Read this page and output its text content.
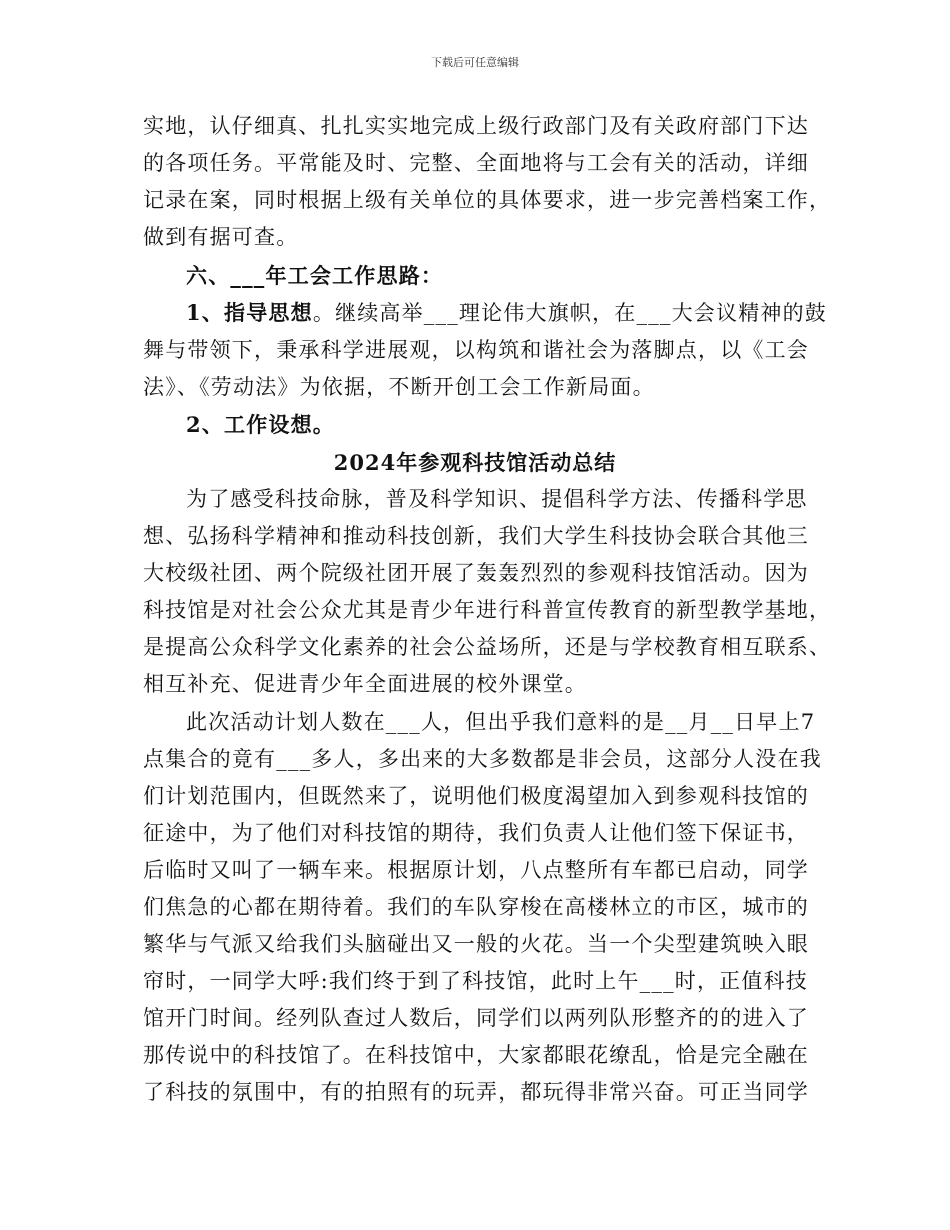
下载后可任意编辑
实地，认仔细真、扎扎实实地完成上级行政部门及有关政府部门下达
的各项任务。平常能及时、完整、全面地将与工会有关的活动，详细
记录在案，同时根据上级有关单位的具体要求，进一步完善档案工作，
做到有据可查。
六、___年工会工作思路：
1、指导思想。继续高举___理论伟大旗帜，在___大会议精神的鼓
舞与带领下，秉承科学进展观，以构筑和谐社会为落脚点，以《工会
法》、《劳动法》为依据，不断开创工会工作新局面。
2、工作设想。
2024年参观科技馆活动总结
为了感受科技命脉，普及科学知识、提倡科学方法、传播科学思
想、弘扬科学精神和推动科技创新，我们大学生科技协会联合其他三
大校级社团、两个院级社团开展了轰轰烈烈的参观科技馆活动。因为
科技馆是对社会公众尤其是青少年进行科普宣传教育的新型教学基地，
是提高公众科学文化素养的社会公益场所，还是与学校教育相互联系、
相互补充、促进青少年全面进展的校外课堂。
此次活动计划人数在___人，但出乎我们意料的是__月__日早上7
点集合的竟有___多人，多出来的大多数都是非会员，这部分人没在我
们计划范围内，但既然来了，说明他们极度渴望加入到参观科技馆的
征途中，为了他们对科技馆的期待，我们负责人让他们签下保证书，
后临时又叫了一辆车来。根据原计划，八点整所有车都已启动，同学
们焦急的心都在期待着。我们的车队穿梭在高楼林立的市区，城市的
繁华与气派又给我们头脑碰出又一般的火花。当一个尖型建筑映入眼
帘时，一同学大呼:我们终于到了科技馆，此时上午___时，正值科技
馆开门时间。经列队查过人数后，同学们以两列队形整齐的的进入了
那传说中的科技馆了。在科技馆中，大家都眼花缭乱，恰是完全融在
了科技的氛围中，有的拍照有的玩弄，都玩得非常兴奋。可正当同学
